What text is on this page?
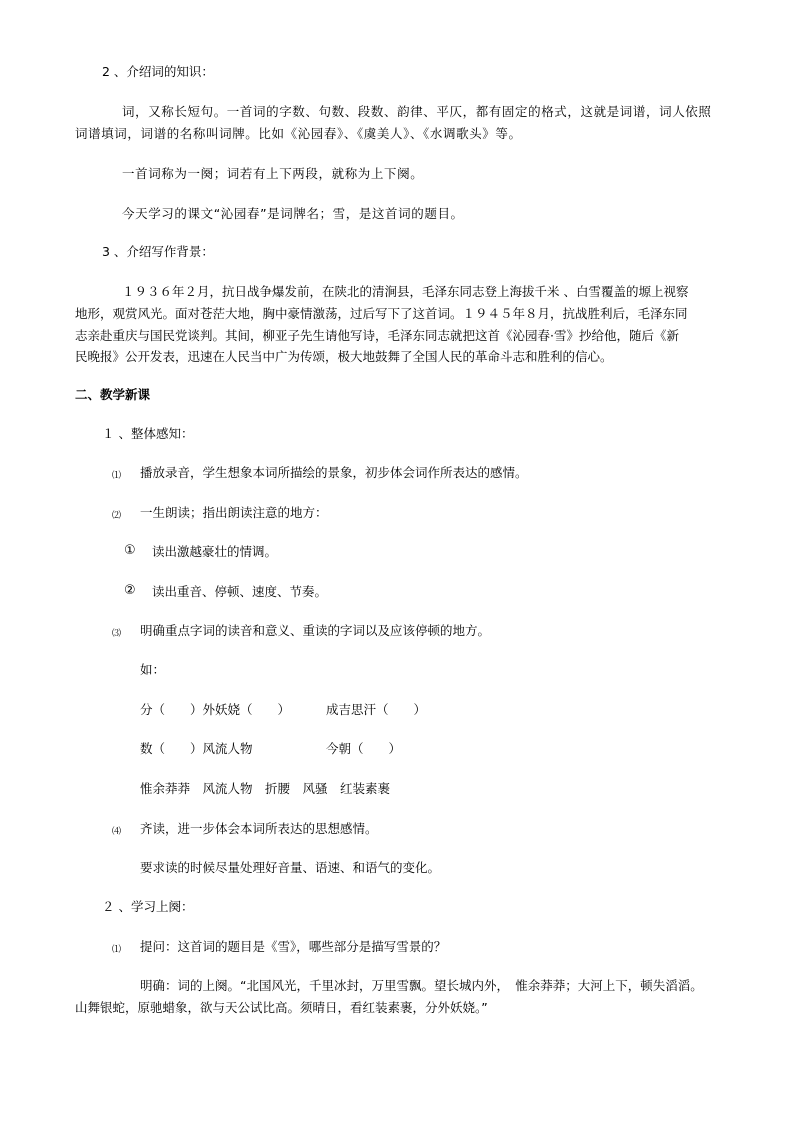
2 、介绍词的知识：
词，又称长短句。一首词的字数、句数、段数、韵律、平仄，都有固定的格式，这就是词谱，词人依照
词谱填词，词谱的名称叫词牌。比如《沁园春》、《虞美人》、《水调歌头》等。
一首词称为一阕；词若有上下两段，就称为上下阕。
今天学习的课文“沁园春”是词牌名；雪，是这首词的题目。
3 、介绍写作背景：
１９３６年２月，抗日战争爆发前，在陕北的清涧县，毛泽东同志登上海拔千米 、白雪覆盖的塬上视察
地形，观赏风光。面对苍茫大地，胸中豪情激荡，过后写下了这首词。１９４５年８月，抗战胜利后，毛泽东同
志亲赴重庆与国民党谈判。其间，柳亚子先生请他写诗，毛泽东同志就把这首《沁园春·雪》抄给他，随后《新
民晚报》公开发表，迅速在人民当中广为传颂，极大地鼓舞了全国人民的革命斗志和胜利的信心。
二、教学新课
１ 、整体感知：
⑴ 播放录音，学生想象本词所描绘的景象，初步体会词作所表达的感情。
⑵ 一生朗读；指出朗读注意的地方：
① 读出激越豪壮的情调。
② 读出重音、停顿、速度、节奏。
⑶ 明确重点字词的读音和意义、重读的字词以及应该停顿的地方。
如：
分（　　）外妖娆（　　）	成吉思汗（　　）
数（　　）风流人物	今朝（　　）
惟余莽莽　风流人物　折腰　风骚　红装素裹
⑷ 齐读，进一步体会本词所表达的思想感情。
要求读的时候尽量处理好音量、语速、和语气的变化。
２ 、学习上阕：
⑴ 提问：这首词的题目是《雪》，哪些部分是描写雪景的？
明确：词的上阕。“北国风光，千里冰封，万里雪飘。望长城内外，　惟余莽莽；大河上下，顿失滔滔。
山舞银蛇，原驰蜡象，欲与天公试比高。须晴日，看红装素裹，分外妖娆。”
